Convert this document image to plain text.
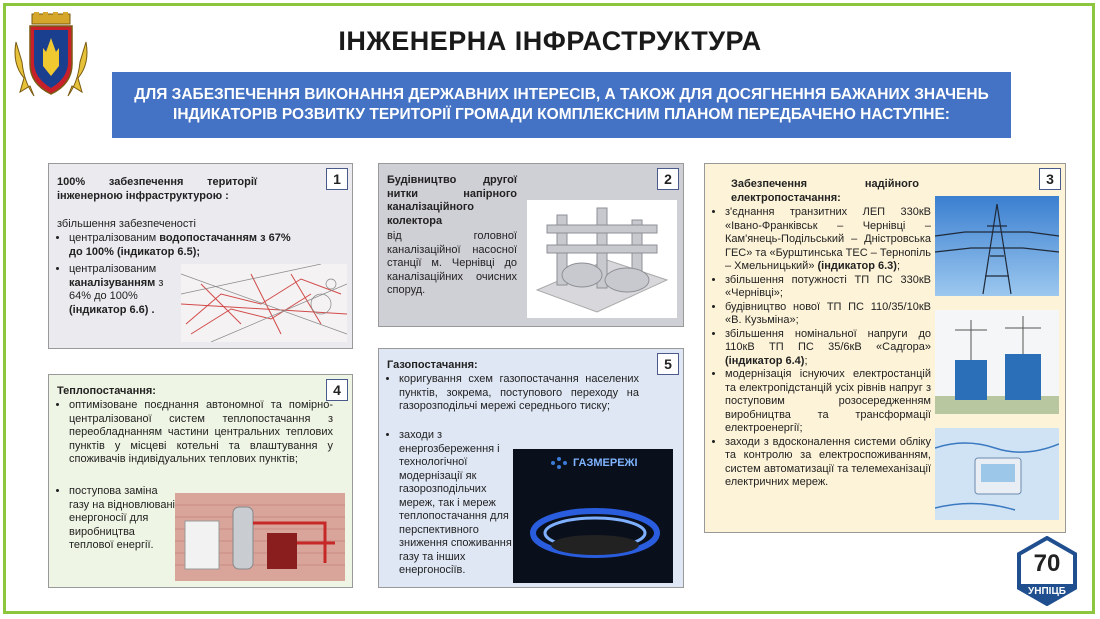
ІНЖЕНЕРНА ІНФРАСТРУКТУРА
ДЛЯ ЗАБЕЗПЕЧЕННЯ ВИКОНАННЯ ДЕРЖАВНИХ ІНТЕРЕСІВ, А ТАКОЖ ДЛЯ ДОСЯГНЕННЯ БАЖАНИХ ЗНАЧЕНЬ ІНДИКАТОРІВ РОЗВИТКУ ТЕРИТОРІЇ ГРОМАДИ КОМПЛЕКСНИМ ПЛАНОМ ПЕРЕДБАЧЕНО НАСТУПНЕ:
1
100% забезпечення території інженерною інфраструктурою :
збільшення забезпеченості
• централізованим водопостачанням з 67% до 100% (індикатор 6.5);
• централізованим каналізуванням з 64% до 100% (індикатор 6.6) .
2
Будівництво другої нитки напірного каналізаційного колектора
від головної каналізаційної насосної станції м. Чернівці до каналізаційних очисних споруд.
3
Забезпечення надійного електропостачання:
• з'єднання транзитних ЛЕП 330кВ «Івано-Франківськ – Чернівці – Кам'янець-Подільський – Дністровська ГЕС» та «Бурштинська ТЕС – Тернопіль – Хмельницький» (індикатор 6.3);
• збільшення потужності ТП ПС 330кВ «Чернівці»;
• будівництво нової ТП ПС 110/35/10кВ «В. Кузьміна»;
• збільшення номінальної напруги до 110кВ ТП ПС 35/6кВ «Садгора» (індикатор 6.4);
• модернізація існуючих електростанцій та електропідстанцій усіх рівнів напруг з поступовим розосередженням виробництва та трансформації електроенергії;
• заходи з вдосконалення системи обліку та контролю за електроспоживанням, систем автоматизації та телемеханізації електричних мереж.
4
Теплопостачання:
• оптимізоване поєднання автономної та помірно-централізованої систем теплопостачання з переобладнанням частини центральних теплових пунктів у місцеві котельні та влаштування у споживачів індивідуальних теплових пунктів;
• поступова заміна газу на відновлювані енергоносії для виробництва теплової енергії.
5
Газопостачання:
• коригування схем газопостачання населених пунктів, зокрема, поступового переходу на газорозподільчі мережі середнього тиску;
• заходи з енергозбереження і технологічної модернізації як газорозподільчих мереж, так і мереж теплопостачання для перспективного зниження споживання газу та інших енергоносіїв.
ГАЗМЕРЕЖІ
70
УНПІЦБ
